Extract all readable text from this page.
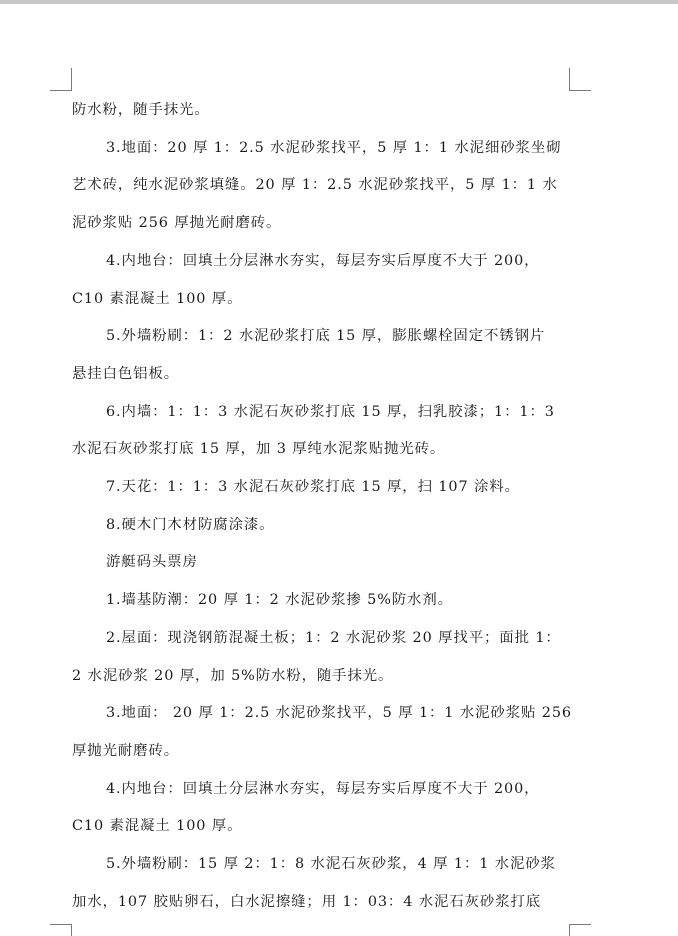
防水粉，随手抹光。

3.地面：20 厚 1：2.5 水泥砂浆找平，5 厚 1：1 水泥细砂浆坐砌

艺术砖，纯水泥砂浆填缝。20 厚 1：2.5 水泥砂浆找平，5 厚 1：1 水

泥砂浆贴 256 厚抛光耐磨砖。

4.内地台：回填土分层淋水夯实，每层夯实后厚度不大于 200，

C10 素混凝土 100 厚。

5.外墙粉刷：1：2 水泥砂浆打底 15 厚，膨胀螺栓固定不锈钢片

悬挂白色铝板。

6.内墙：1：1：3 水泥石灰砂浆打底 15 厚，扫乳胶漆；1：1：3

水泥石灰砂浆打底 15 厚，加 3 厚纯水泥浆贴抛光砖。

7.天花：1：1：3 水泥石灰砂浆打底 15 厚，扫 107 涂料。

8.硬木门木材防腐涂漆。

游艇码头票房

1.墙基防潮：20 厚 1：2 水泥砂浆掺 5%防水剂。

2.屋面：现浇钢筋混凝土板；1：2 水泥砂浆 20 厚找平；面批 1：

2 水泥砂浆 20 厚，加 5%防水粉，随手抹光。

3.地面： 20 厚 1：2.5 水泥砂浆找平，5 厚 1：1 水泥砂浆贴 256

厚抛光耐磨砖。

4.内地台：回填土分层淋水夯实，每层夯实后厚度不大于 200，

C10 素混凝土 100 厚。

5.外墙粉刷：15 厚 2：1：8 水泥石灰砂浆，4 厚 1：1 水泥砂浆

加水，107 胶贴卵石，白水泥擦缝；用 1：03：4 水泥石灰砂浆打底
